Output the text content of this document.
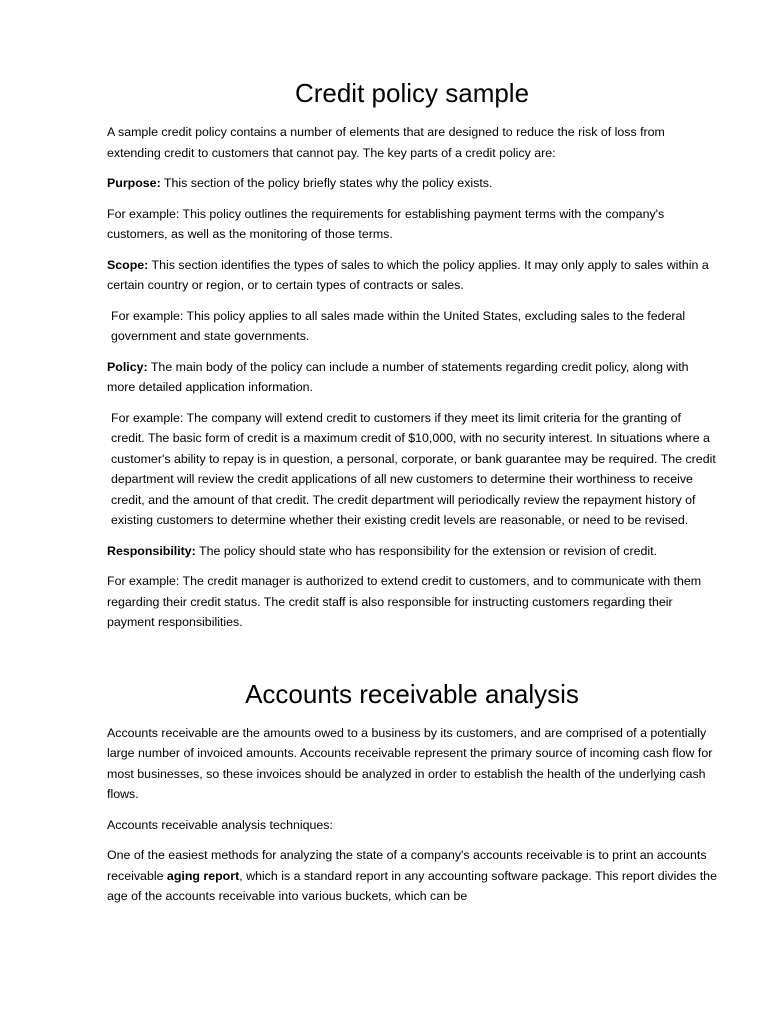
Credit policy sample

A sample credit policy contains a number of elements that are designed to reduce the risk of loss from extending credit to customers that cannot pay. The key parts of a credit policy are:

Purpose: This section of the policy briefly states why the policy exists.

For example: This policy outlines the requirements for establishing payment terms with the company's customers, as well as the monitoring of those terms.

Scope: This section identifies the types of sales to which the policy applies. It may only apply to sales within a certain country or region, or to certain types of contracts or sales.

For example: This policy applies to all sales made within the United States, excluding sales to the federal government and state governments.

Policy: The main body of the policy can include a number of statements regarding credit policy, along with more detailed application information.

For example: The company will extend credit to customers if they meet its limit criteria for the granting of credit. The basic form of credit is a maximum credit of $10,000, with no security interest. In situations where a customer's ability to repay is in question, a personal, corporate, or bank guarantee may be required. The credit department will review the credit applications of all new customers to determine their worthiness to receive credit, and the amount of that credit. The credit department will periodically review the repayment history of existing customers to determine whether their existing credit levels are reasonable, or need to be revised.

Responsibility: The policy should state who has responsibility for the extension or revision of credit.

For example: The credit manager is authorized to extend credit to customers, and to communicate with them regarding their credit status. The credit staff is also responsible for instructing customers regarding their payment responsibilities.

Accounts receivable analysis

Accounts receivable are the amounts owed to a business by its customers, and are comprised of a potentially large number of invoiced amounts. Accounts receivable represent the primary source of incoming cash flow for most businesses, so these invoices should be analyzed in order to establish the health of the underlying cash flows.

Accounts receivable analysis techniques:

One of the easiest methods for analyzing the state of a company's accounts receivable is to print an accounts receivable aging report, which is a standard report in any accounting software package. This report divides the age of the accounts receivable into various buckets, which can be
